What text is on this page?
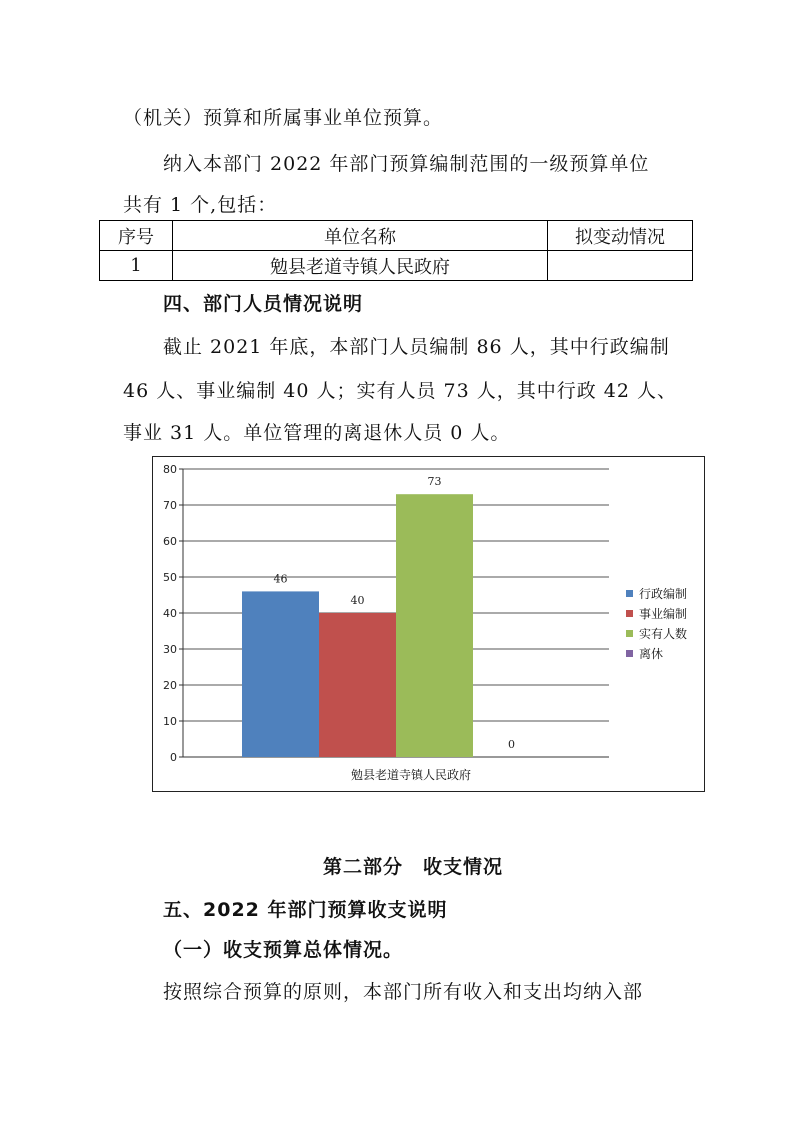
（机关）预算和所属事业单位预算。
纳入本部门 2022 年部门预算编制范围的一级预算单位
共有 1 个,包括：
序号	单位名称	拟变动情况
1	勉县老道寺镇人民政府	
四、部门人员情况说明
截止 2021 年底，本部门人员编制 86 人，其中行政编制
46 人、事业编制 40 人；实有人员 73 人，其中行政 42 人、
事业 31 人。单位管理的离退休人员 0 人。
0
10
20
30
40
50
60
70
80
46
40
73
0
行政编制
事业编制
实有人数
离休
勉县老道寺镇人民政府
第二部分　收支情况
五、2022 年部门预算收支说明
（一）收支预算总体情况。
按照综合预算的原则，本部门所有收入和支出均纳入部
